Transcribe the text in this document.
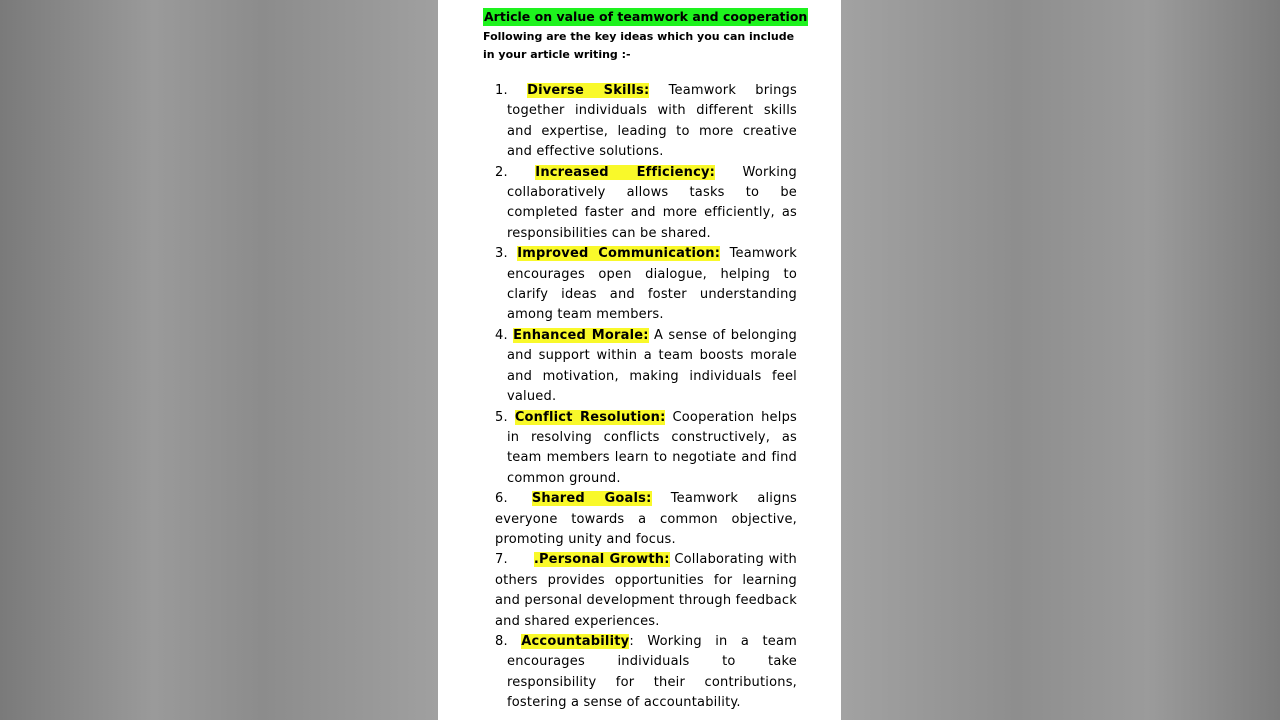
Article on value of teamwork and cooperation
Following are the key ideas which you can include in your article writing :-
1. Diverse Skills: Teamwork brings together individuals with different skills and expertise, leading to more creative and effective solutions.
2. Increased Efficiency: Working collaboratively allows tasks to be completed faster and more efficiently, as responsibilities can be shared.
3. Improved Communication: Teamwork encourages open dialogue, helping to clarify ideas and foster understanding among team members.
4. Enhanced Morale: A sense of belonging and support within a team boosts morale and motivation, making individuals feel valued.
5. Conflict Resolution: Cooperation helps in resolving conflicts constructively, as team members learn to negotiate and find common ground.
6. Shared Goals: Teamwork aligns everyone towards a common objective, promoting unity and focus.
7. .Personal Growth: Collaborating with others provides opportunities for learning and personal development through feedback and shared experiences.
8. Accountability: Working in a team encourages individuals to take responsibility for their contributions, fostering a sense of accountability.
